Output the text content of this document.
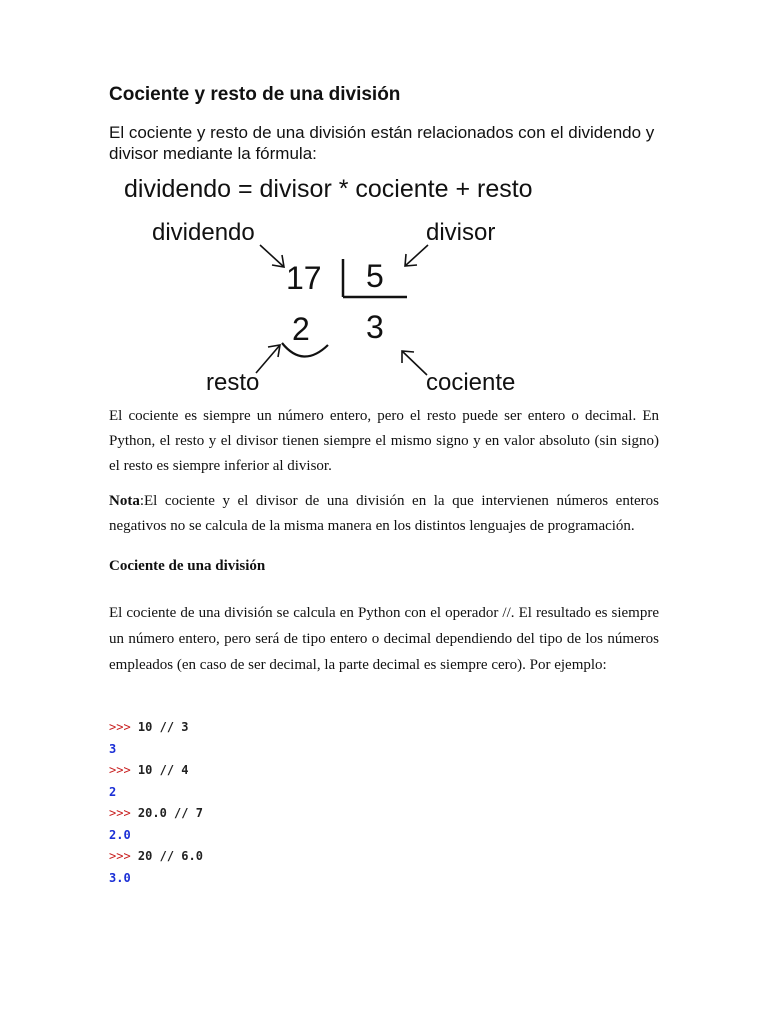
Cociente y resto de una división

El cociente y resto de una división están relacionados con el dividendo y divisor mediante la fórmula:

dividendo = divisor * cociente + resto
dividendo	divisor
17 5
2 3
resto	cociente

El cociente es siempre un número entero, pero el resto puede ser entero o decimal. En Python, el resto y el divisor tienen siempre el mismo signo y en valor absoluto (sin signo) el resto es siempre inferior al divisor.

Nota:El cociente y el divisor de una división en la que intervienen números enteros negativos no se calcula de la misma manera en los distintos lenguajes de programación.

Cociente de una división

El cociente de una división se calcula en Python con el operador //. El resultado es siempre un número entero, pero será de tipo entero o decimal dependiendo del tipo de los números empleados (en caso de ser decimal, la parte decimal es siempre cero). Por ejemplo:

>>> 10 // 3
3
>>> 10 // 4
2
>>> 20.0 // 7
2.0
>>> 20 // 6.0
3.0
